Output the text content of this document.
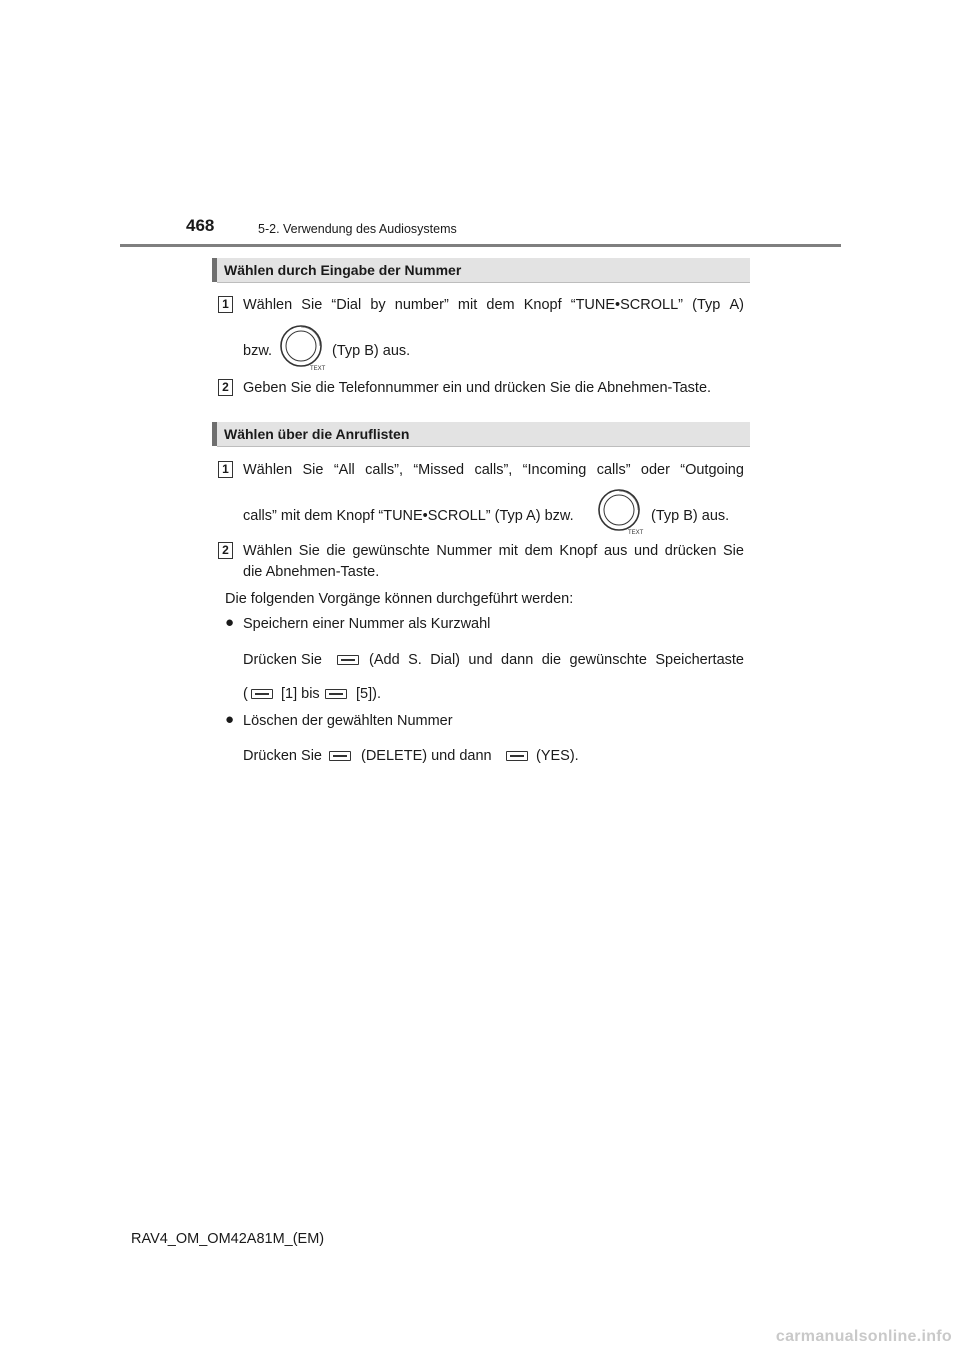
468	5-2. Verwendung des Audiosystems
Wählen durch Eingabe der Nummer
1 Wählen Sie “Dial by number” mit dem Knopf “TUNE•SCROLL” (Typ A)
bzw.
TEXT
(Typ B) aus.
2 Geben Sie die Telefonnummer ein und drücken Sie die Abnehmen-Taste.
Wählen über die Anruflisten
1 Wählen Sie “All calls”, “Missed calls”, “Incoming calls” oder “Outgoing
calls” mit dem Knopf “TUNE•SCROLL” (Typ A) bzw.
TEXT
(Typ B) aus.
2 Wählen Sie die gewünschte Nummer mit dem Knopf aus und drücken Sie
die Abnehmen-Taste.
Die folgenden Vorgänge können durchgeführt werden:
● Speichern einer Nummer als Kurzwahl
Drücken Sie	(Add S. Dial) und dann die gewünschte Speichertaste
( [1] bis	[5]).
● Löschen der gewählten Nummer
Drücken Sie	(DELETE) und dann	(YES).
RAV4_OM_OM42A81M_(EM)
carmanualsonline.info
